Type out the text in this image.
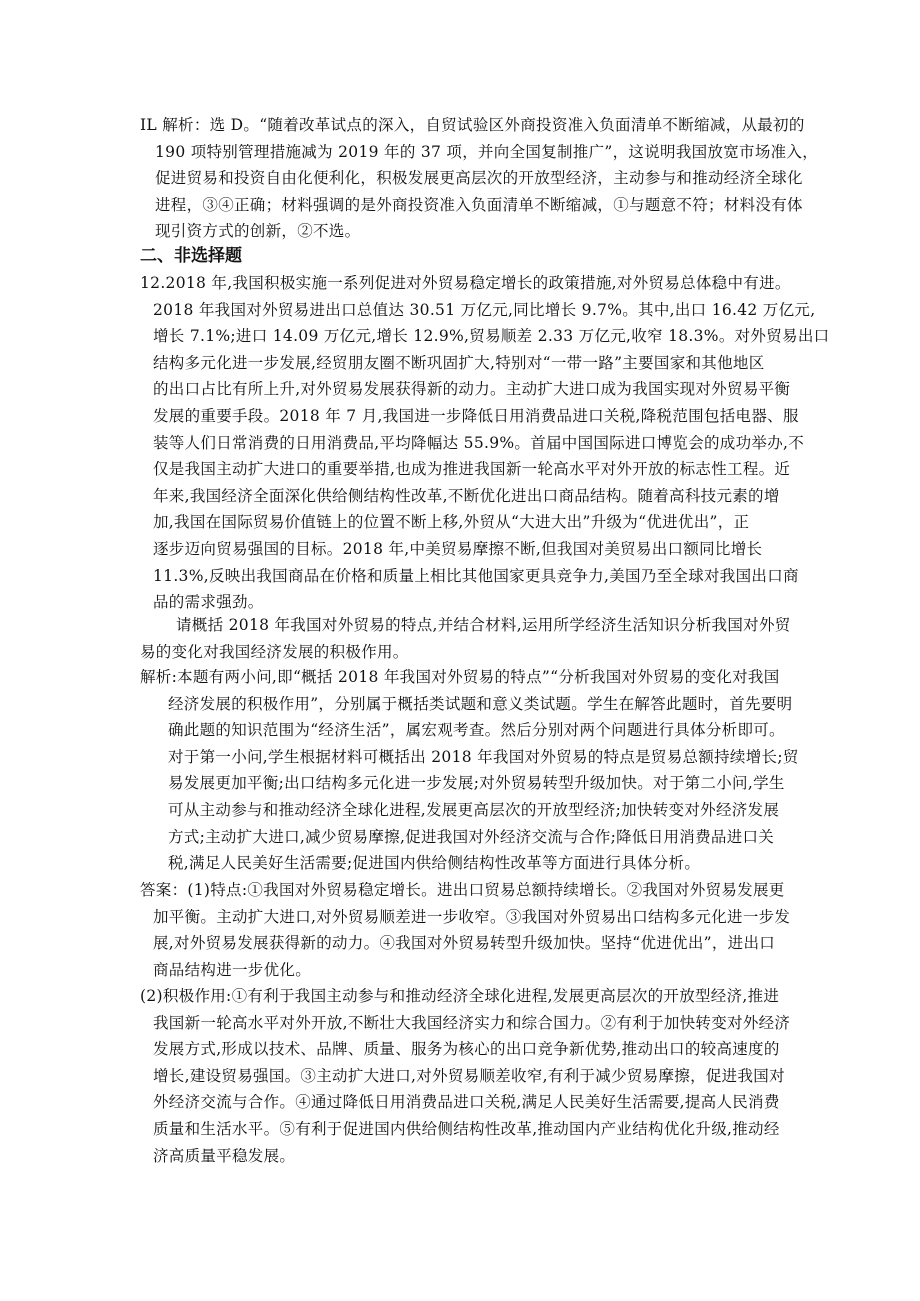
IL 解析：选 D。“随着改革试点的深入，自贸试验区外商投资准入负面清单不断缩减，从最初的
190 项特别管理措施减为 2019 年的 37 项，并向全国复制推广”，这说明我国放宽市场准入，
促进贸易和投资自由化便利化，积极发展更高层次的开放型经济，主动参与和推动经济全球化
进程，③④正确；材料强调的是外商投资准入负面清单不断缩减，①与题意不符；材料没有体
现引资方式的创新，②不选。
二、非选择题
12.2018 年,我国积极实施一系列促进对外贸易稳定增长的政策措施,对外贸易总体稳中有进。
2018 年我国对外贸易进出口总值达 30.51 万亿元,同比增长 9.7%。其中,出口 16.42 万亿元,
增长 7.1%;进口 14.09 万亿元,增长 12.9%,贸易顺差 2.33 万亿元,收窄 18.3%。对外贸易出口
结构多元化进一步发展,经贸朋友圈不断巩固扩大,特别对“一带一路”主要国家和其他地区
的出口占比有所上升,对外贸易发展获得新的动力。主动扩大进口成为我国实现对外贸易平衡
发展的重要手段。2018 年 7 月,我国进一步降低日用消费品进口关税,降税范围包括电器、服
装等人们日常消费的日用消费品,平均降幅达 55.9%。首届中国国际进口博览会的成功举办,不
仅是我国主动扩大进口的重要举措,也成为推进我国新一轮高水平对外开放的标志性工程。近
年来,我国经济全面深化供给侧结构性改革,不断优化进出口商品结构。随着高科技元素的增
加,我国在国际贸易价值链上的位置不断上移,外贸从“大进大出”升级为“优进优出”，正
逐步迈向贸易强国的目标。2018 年,中美贸易摩擦不断,但我国对美贸易出口额同比增长
11.3%,反映出我国商品在价格和质量上相比其他国家更具竞争力,美国乃至全球对我国出口商
品的需求强劲。
请概括 2018 年我国对外贸易的特点,并结合材料,运用所学经济生活知识分析我国对外贸
易的变化对我国经济发展的积极作用。
解析:本题有两小问,即“概括 2018 年我国对外贸易的特点”“分析我国对外贸易的变化对我国
经济发展的积极作用”，分别属于概括类试题和意义类试题。学生在解答此题时，首先要明
确此题的知识范围为“经济生活”，属宏观考查。然后分别对两个问题进行具体分析即可。
对于第一小问,学生根据材料可概括出 2018 年我国对外贸易的特点是贸易总额持续增长;贸
易发展更加平衡;出口结构多元化进一步发展;对外贸易转型升级加快。对于第二小问,学生
可从主动参与和推动经济全球化进程,发展更高层次的开放型经济;加快转变对外经济发展
方式;主动扩大进口,减少贸易摩擦,促进我国对外经济交流与合作;降低日用消费品进口关
税,满足人民美好生活需要;促进国内供给侧结构性改革等方面进行具体分析。
答案：(1)特点:①我国对外贸易稳定增长。进出口贸易总额持续增长。②我国对外贸易发展更
加平衡。主动扩大进口,对外贸易顺差进一步收窄。③我国对外贸易出口结构多元化进一步发
展,对外贸易发展获得新的动力。④我国对外贸易转型升级加快。坚持“优进优出”，进出口
商品结构进一步优化。
(2)积极作用:①有利于我国主动参与和推动经济全球化进程,发展更高层次的开放型经济,推进
我国新一轮高水平对外开放,不断壮大我国经济实力和综合国力。②有利于加快转变对外经济
发展方式,形成以技术、品牌、质量、服务为核心的出口竞争新优势,推动出口的较高速度的
增长,建设贸易强国。③主动扩大进口,对外贸易顺差收窄,有利于减少贸易摩擦，促进我国对
外经济交流与合作。④通过降低日用消费品进口关税,满足人民美好生活需要,提高人民消费
质量和生活水平。⑤有利于促进国内供给侧结构性改革,推动国内产业结构优化升级,推动经
济高质量平稳发展。
